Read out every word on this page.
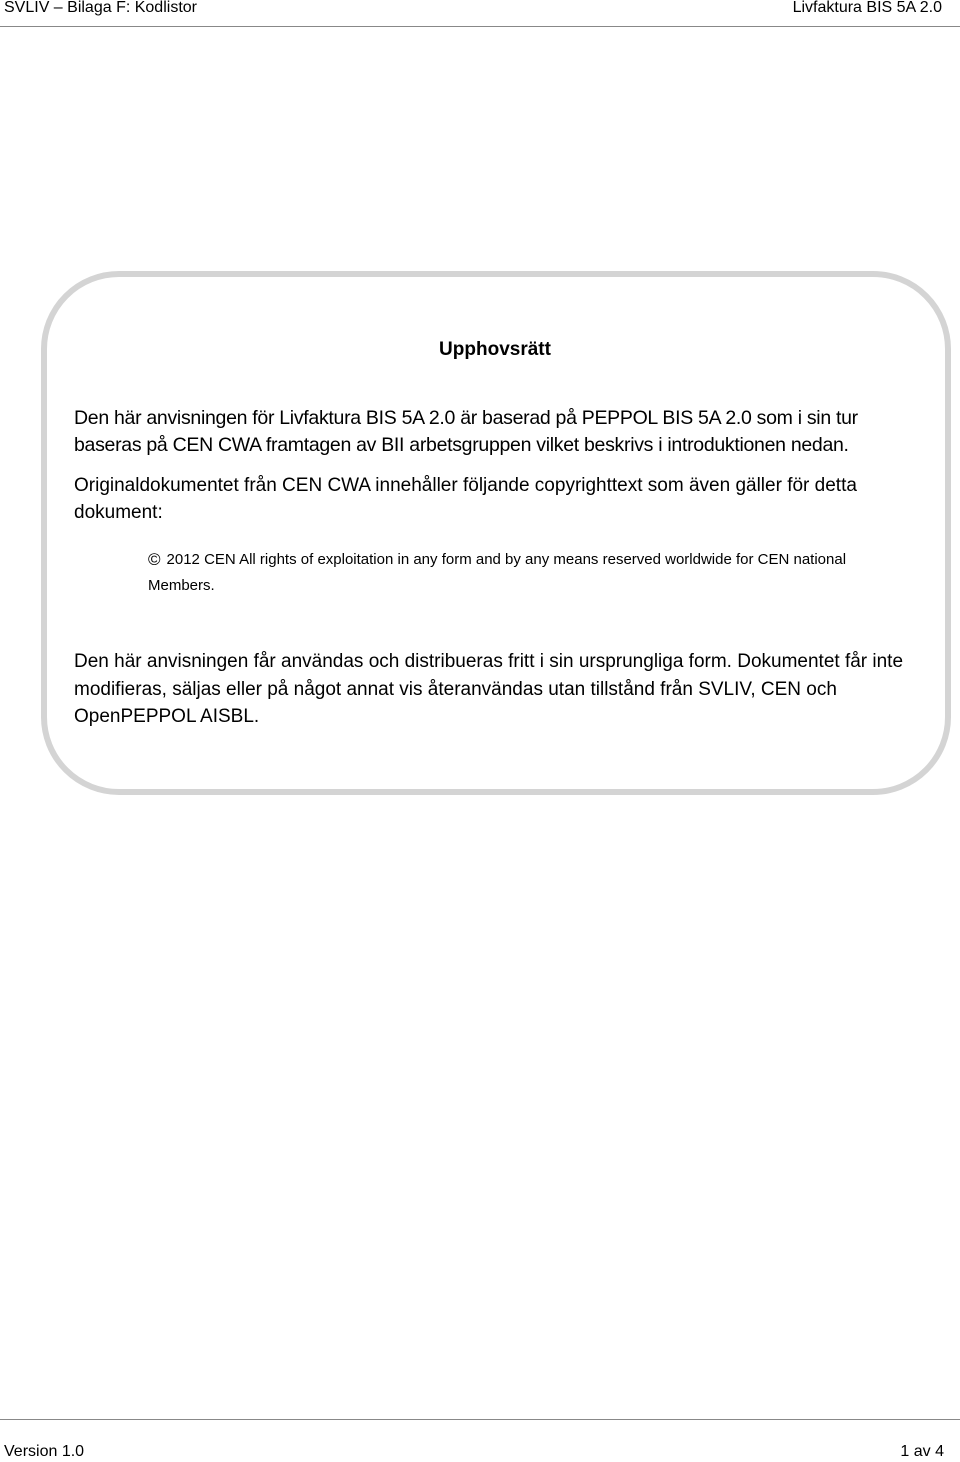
SVLIV – Bilaga F: Kodlistor	Livfaktura BIS 5A 2.0
Upphovsrätt
Den här anvisningen för Livfaktura BIS 5A 2.0 är baserad på PEPPOL BIS 5A 2.0 som i sin tur baseras på CEN CWA framtagen av BII arbetsgruppen vilket beskrivs i introduktionen nedan.
Originaldokumentet från CEN CWA innehåller följande copyrighttext som även gäller för detta dokument:
© 2012 CEN All rights of exploitation in any form and by any means reserved worldwide for CEN national Members.
Den här anvisningen får användas och distribueras fritt i sin ursprungliga form. Dokumentet får inte modifieras, säljas eller på något annat vis återanvändas utan tillstånd från SVLIV, CEN och OpenPEPPOL AISBL.
Version 1.0	1 av 4
